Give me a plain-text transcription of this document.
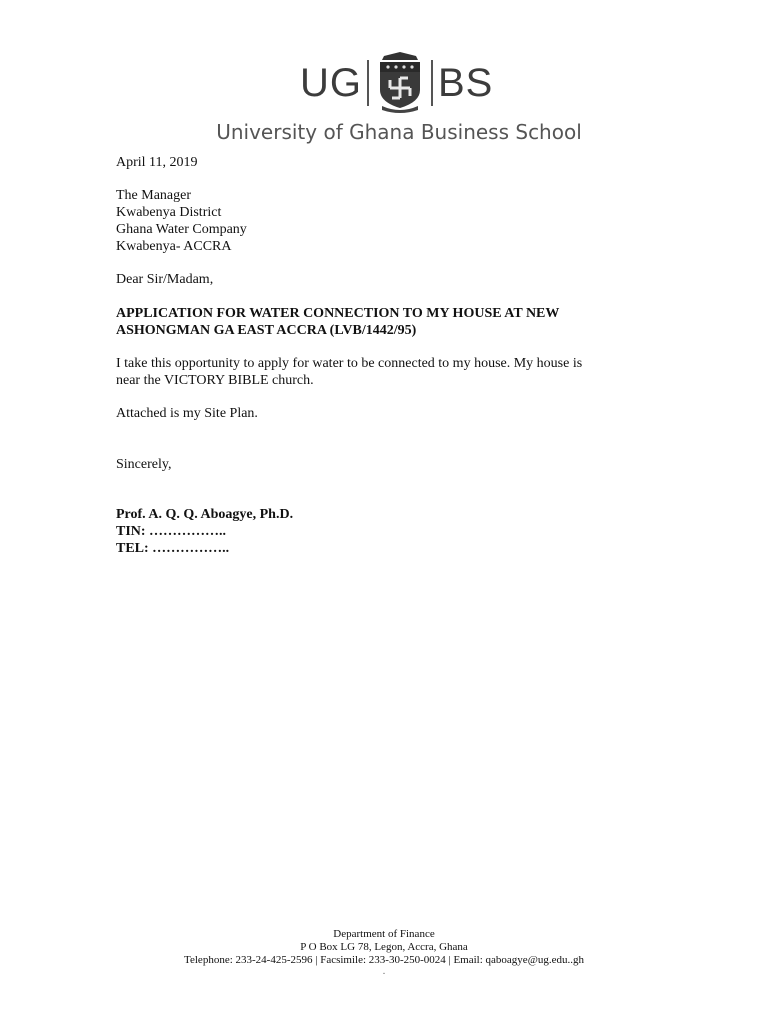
UG BS
University of Ghana Business School
April 11, 2019
The Manager
Kwabenya District
Ghana Water Company
Kwabenya- ACCRA
Dear Sir/Madam,
APPLICATION FOR WATER CONNECTION TO MY HOUSE AT NEW
ASHONGMAN GA EAST ACCRA (LVB/1442/95)
I take this opportunity to apply for water to be connected to my house. My house is
near the VICTORY BIBLE church.
Attached is my Site Plan.
Sincerely,
Prof. A. Q. Q. Aboagye, Ph.D.
TIN: ……………..
TEL: ……………..
Department of Finance
P O Box LG 78, Legon, Accra, Ghana
Telephone: 233-24-425-2596 | Facsimile: 233-30-250-0024 | Email: qaboagye@ug.edu..gh
.
